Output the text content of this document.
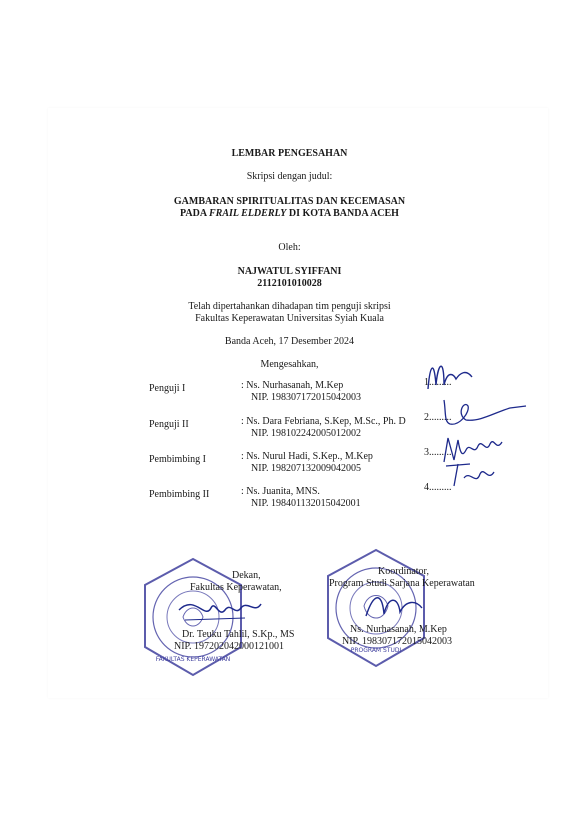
LEMBAR PENGESAHAN
Skripsi dengan judul:
GAMBARAN SPIRITUALITAS DAN KECEMASAN
PADA FRAIL ELDERLY DI KOTA BANDA ACEH
Oleh:
NAJWATUL SYIFFANI
2112101010028
Telah dipertahankan dihadapan tim penguji skripsi
Fakultas Keperawatan Universitas Syiah Kuala
Banda Aceh, 17 Desember 2024
Mengesahkan,
Penguji I	: Ns. Nurhasanah, M.Kep
NIP. 198307172015042003
1.........
Penguji II	: Ns. Dara Febriana, S.Kep, M.Sc., Ph. D
NIP. 198102242005012002
2.........
Pembimbing I	: Ns. Nurul Hadi, S.Kep., M.Kep
NIP. 198207132009042005
3.........
Pembimbing II	: Ns. Juanita, MNS.
NIP. 198401132015042001
4.........
FAKULTAS KEPERAWATAN
PROGRAM STUDI
Dekan,
Fakultas Keperawatan,
Dr. Teuku Tahlil, S.Kp., MS
NIP. 197202042000121001
Koordinator,
Program Studi Sarjana Keperawatan
Ns. Nurhasanah, M.Kep
NIP. 198307172015042003
